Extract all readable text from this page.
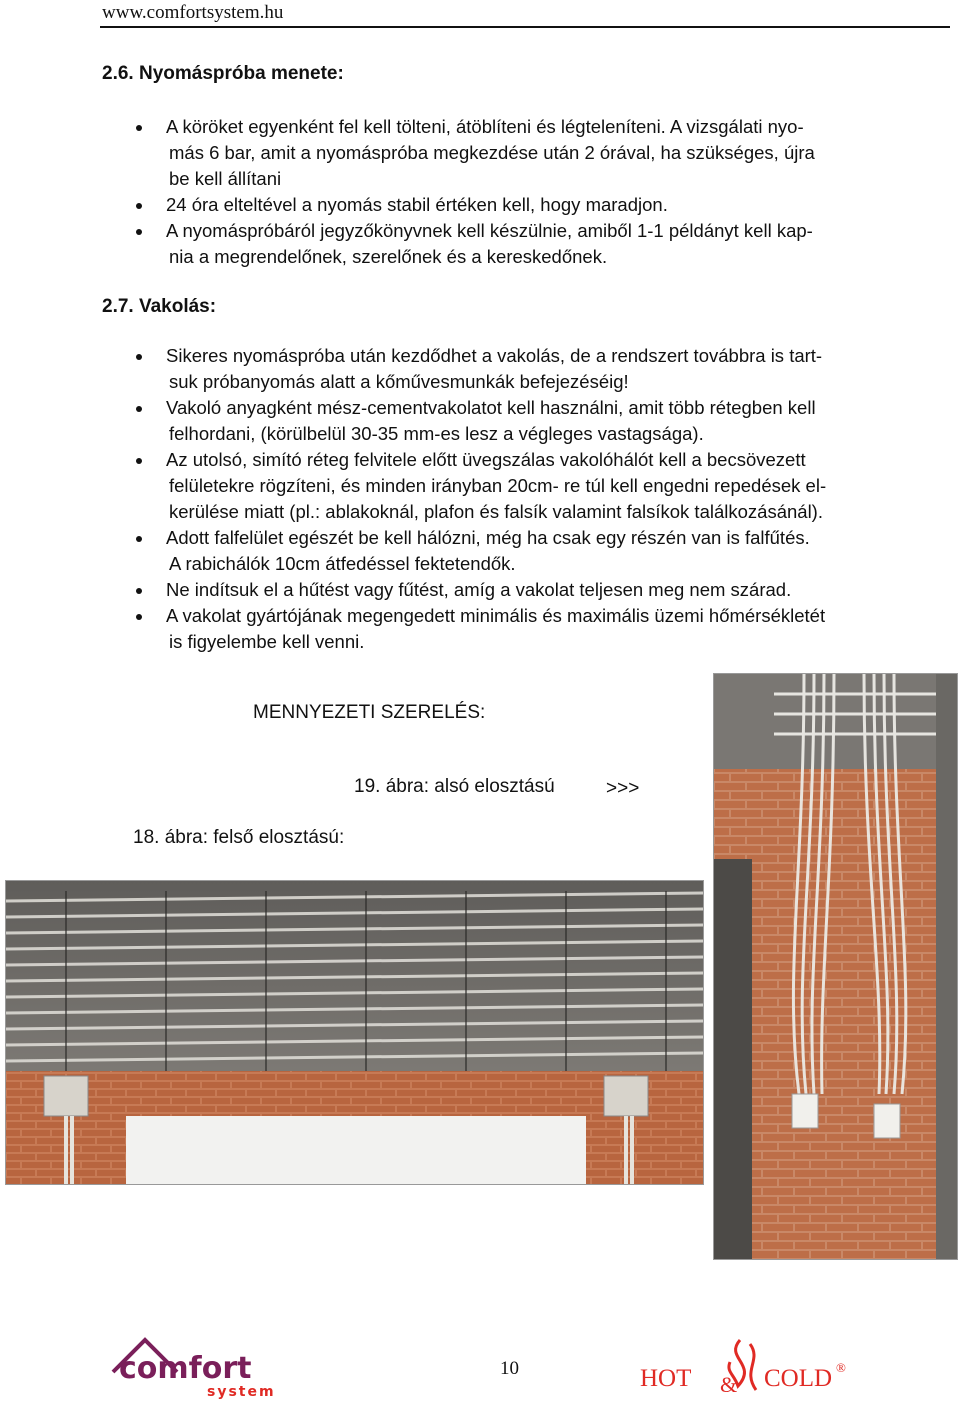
www.comfortsystem.hu
2.6. Nyomáspróba menete:
A köröket egyenként fel kell tölteni, átöblíteni és légteleníteni. A vizsgálati nyo-
más 6 bar, amit a nyomáspróba megkezdése után 2 órával, ha szükséges, újra
be kell állítani
24 óra elteltével a nyomás stabil értéken kell, hogy maradjon.
A nyomáspróbáról jegyzőkönyvnek kell készülnie, amiből 1-1 példányt kell kap-
nia a megrendelőnek, szerelőnek és a kereskedőnek.
2.7. Vakolás:
Sikeres nyomáspróba után kezdődhet a vakolás, de a rendszert továbbra is tart-
suk próbanyomás alatt a kőművesmunkák befejezéséig!
Vakoló anyagként mész-cementvakolatot kell használni, amit több rétegben kell
felhordani, (körülbelül 30-35 mm-es lesz a végleges vastagsága).
Az utolsó, simító réteg felvitele előtt üvegszálas vakolóhálót kell a becsövezett
felületekre rögzíteni, és minden irányban 20cm- re túl kell engedni repedések el-
kerülése miatt (pl.: ablakoknál, plafon és falsík valamint falsíkok találkozásánál).
Adott falfelület egészét be kell hálózni, még ha csak egy részén van is falfűtés.
A rabichálók 10cm átfedéssel fektetendők.
Ne indítsuk el a hűtést vagy fűtést, amíg a vakolat teljesen meg nem szárad.
A vakolat gyártójának megengedett minimális és maximális üzemi hőmérsékletét
is figyelembe kell venni.
MENNYEZETI SZERELÉS:
19. ábra: alsó elosztású	>>>
18. ábra: felső elosztású:
comfort
system
10	HOT & COLD ®
